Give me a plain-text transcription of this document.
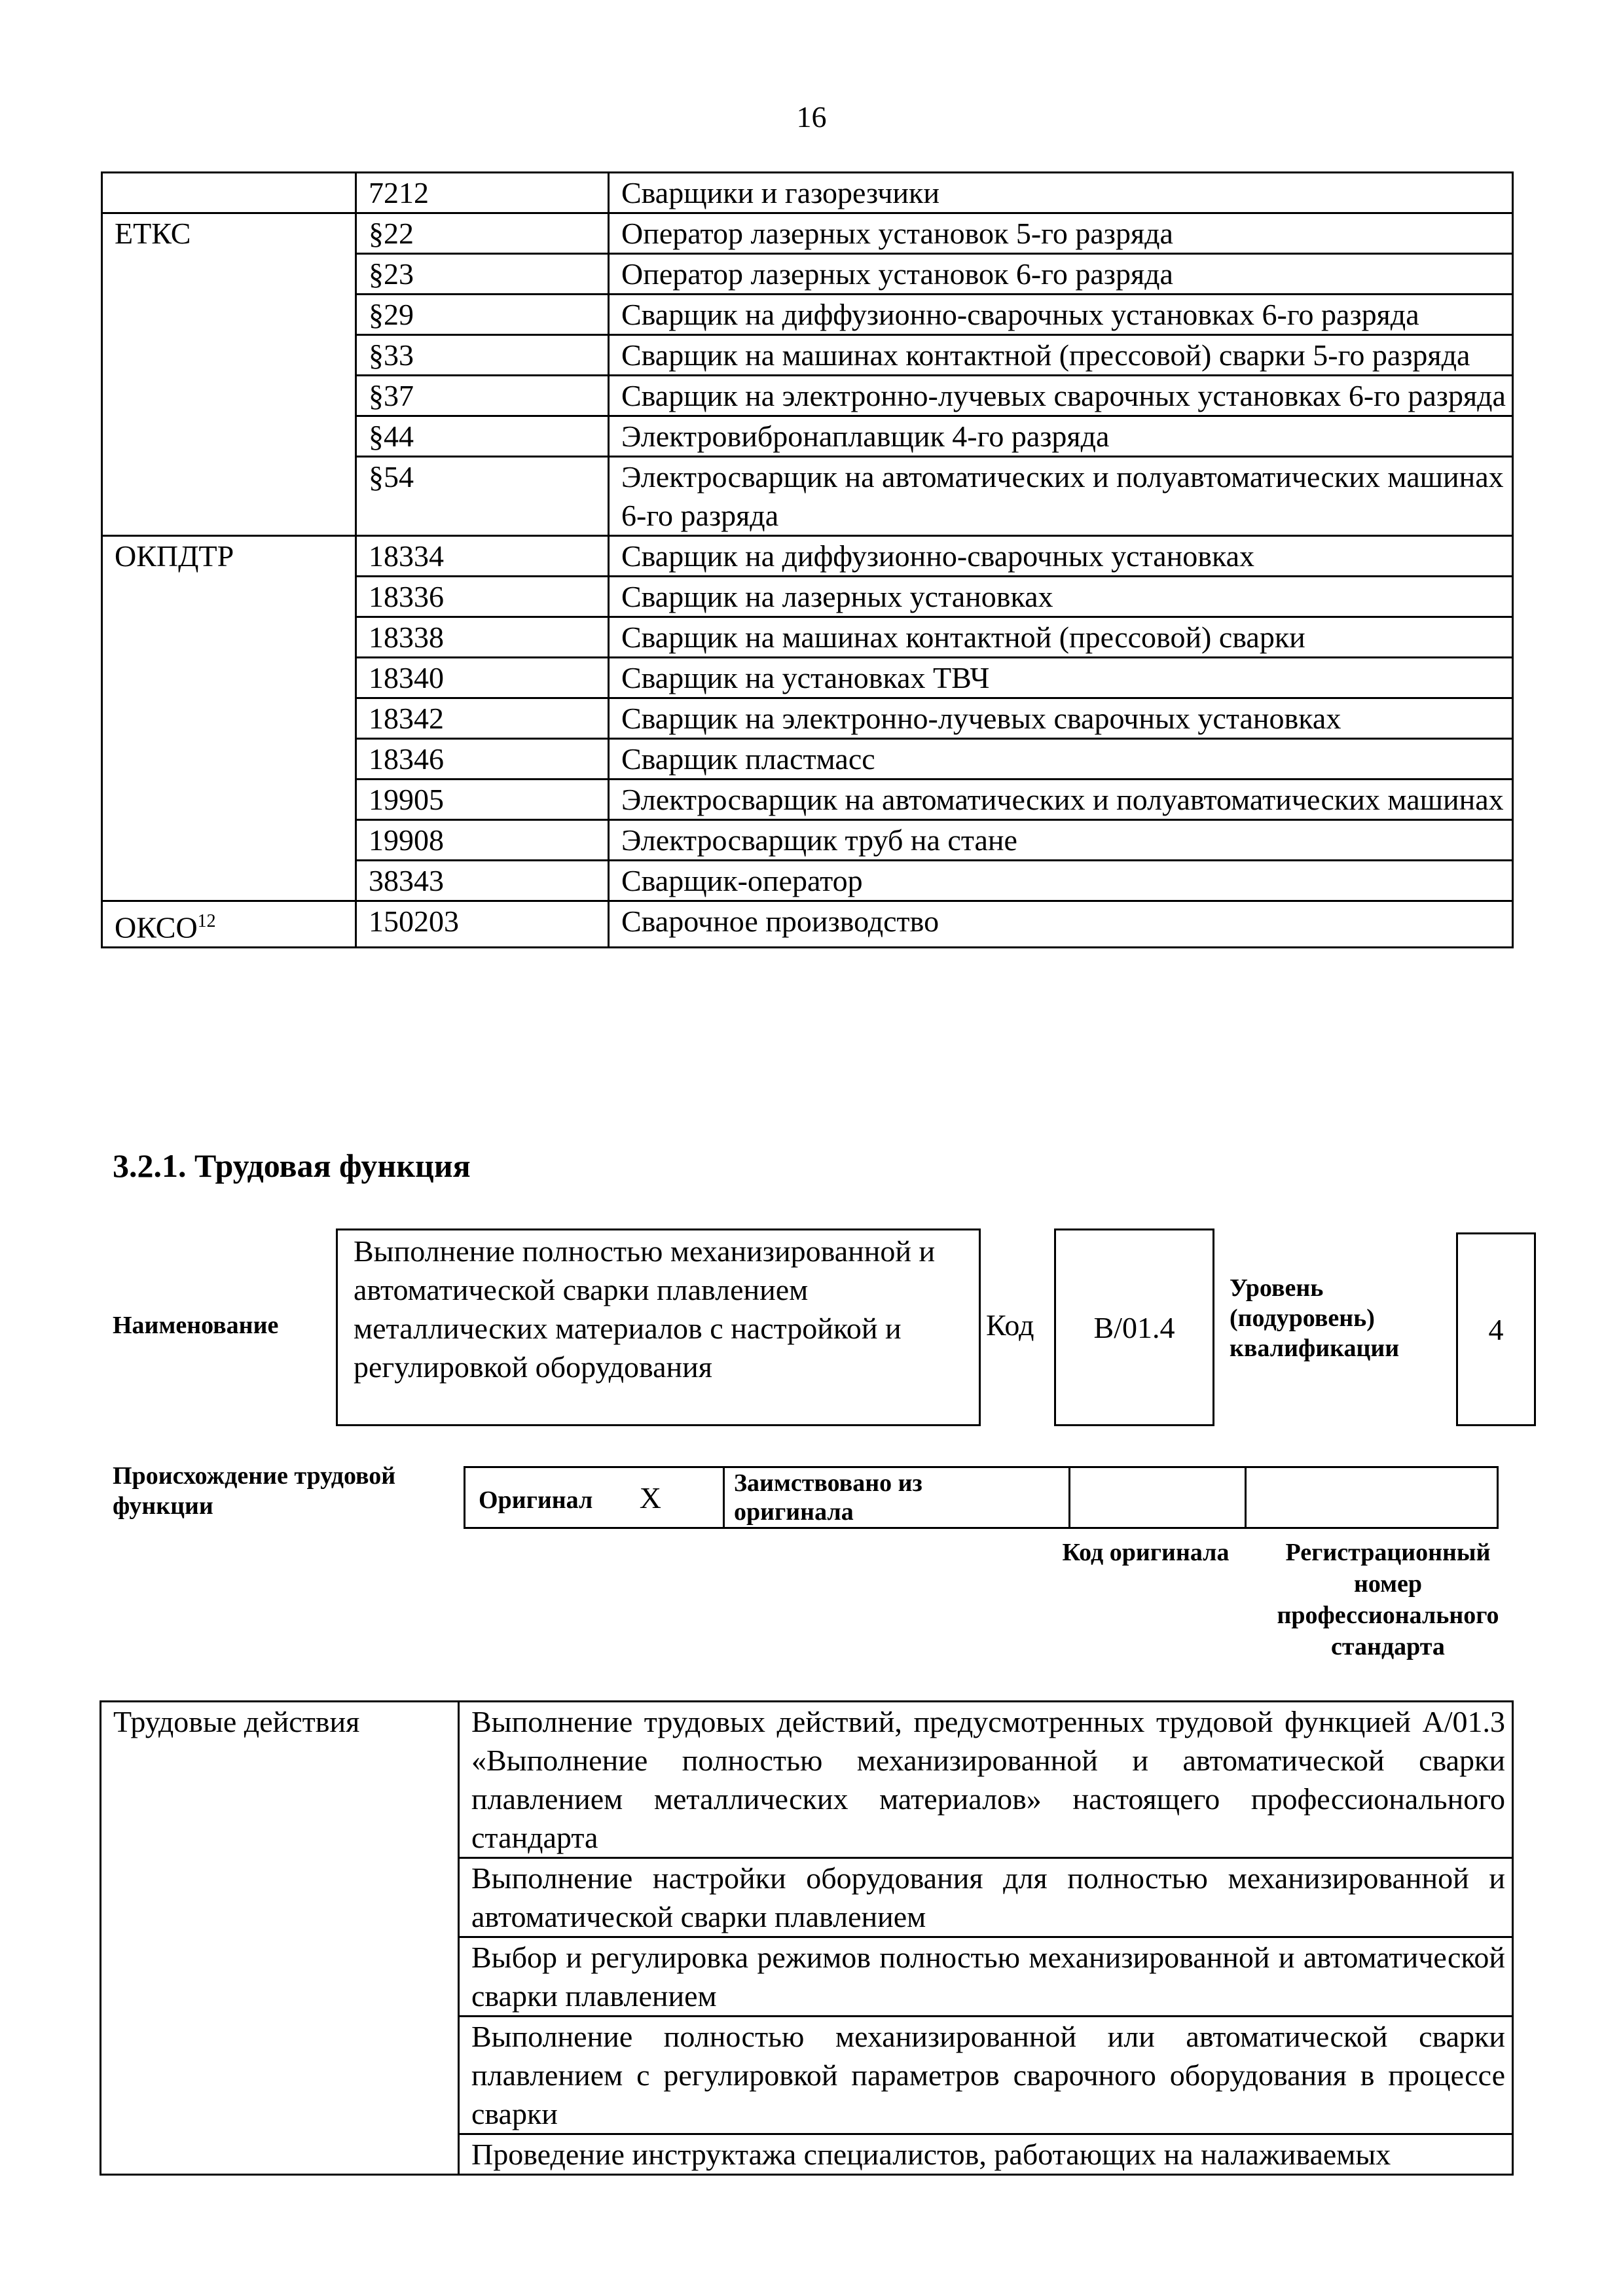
16
	7212	Сварщики и газорезчики
ЕТКС	§22	Оператор лазерных установок 5-го разряда
	§23	Оператор лазерных установок 6-го разряда
	§29	Сварщик на диффузионно-сварочных установках 6-го разряда
	§33	Сварщик на машинах контактной (прессовой) сварки 5-го разряда
	§37	Сварщик на электронно-лучевых сварочных установках 6-го разряда
	§44	Электровибронаплавщик 4-го разряда
	§54	Электросварщик на автоматических и полуавтоматических машинах 6-го разряда
ОКПДТР	18334	Сварщик на диффузионно-сварочных установках
	18336	Сварщик на лазерных установках
	18338	Сварщик на машинах контактной (прессовой) сварки
	18340	Сварщик на установках ТВЧ
	18342	Сварщик на электронно-лучевых сварочных установках
	18346	Сварщик пластмасс
	19905	Электросварщик на автоматических и полуавтоматических машинах
	19908	Электросварщик труб на стане
	38343	Сварщик-оператор
ОКСО$^{12}$	150203	Сварочное производство
3.2.1. Трудовая функция
Наименование
Выполнение полностью механизированной и автоматической сварки плавлением металлических материалов с настройкой и регулировкой оборудования
Код B/01.4
Уровень (подуровень) квалификации
4
Происхождение трудовой функции	Оригинал X	Заимствовано из оригинала

Код оригинала	Регистрационный номер профессионального стандарта
Трудовые действия	Выполнение трудовых действий, предусмотренных трудовой функцией A/01.3 «Выполнение полностью механизированной и автоматической сварки плавлением металлических материалов» настоящего профессионального стандарта
Выполнение настройки оборудования для полностью механизированной и автоматической сварки плавлением
Выбор и регулировка режимов полностью механизированной и автоматической сварки плавлением
Выполнение полностью механизированной или автоматической сварки плавлением с регулировкой параметров сварочного оборудования в процессе сварки
Проведение инструктажа специалистов, работающих на налаживаемых
